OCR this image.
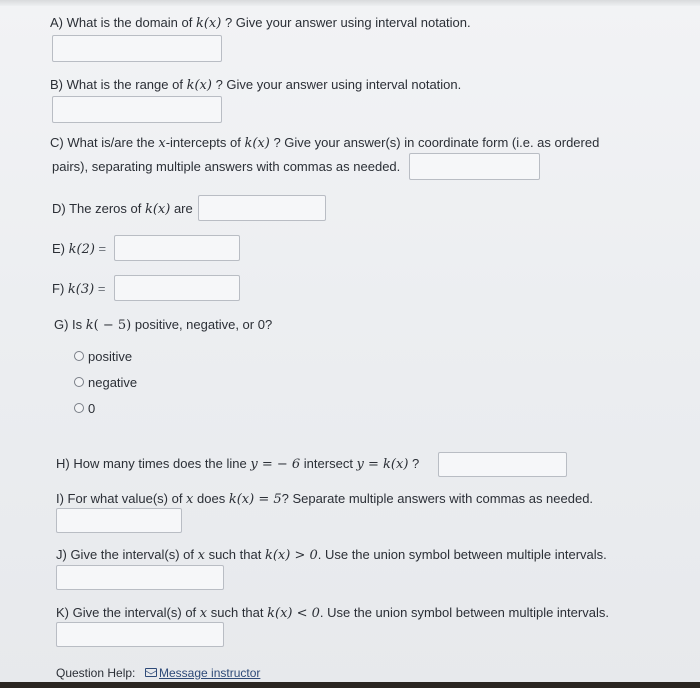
A) What is the domain of k(x) ? Give your answer using interval notation.
B) What is the range of k(x) ? Give your answer using interval notation.
C) What is/are the x-intercepts of k(x) ? Give your answer(s) in coordinate form (i.e. as ordered
pairs), separating multiple answers with commas as needed.
D) The zeros of k(x) are
E) k(2) =
F) k(3) =
G) Is k( − 5) positive, negative, or 0?
positive
negative
0
H) How many times does the line y = − 6 intersect y = k(x) ?
I) For what value(s) of x does k(x) = 5? Separate multiple answers with commas as needed.
J) Give the interval(s) of x such that k(x) > 0. Use the union symbol between multiple intervals.
K) Give the interval(s) of x such that k(x) < 0. Use the union symbol between multiple intervals.
Question Help: Message instructor
